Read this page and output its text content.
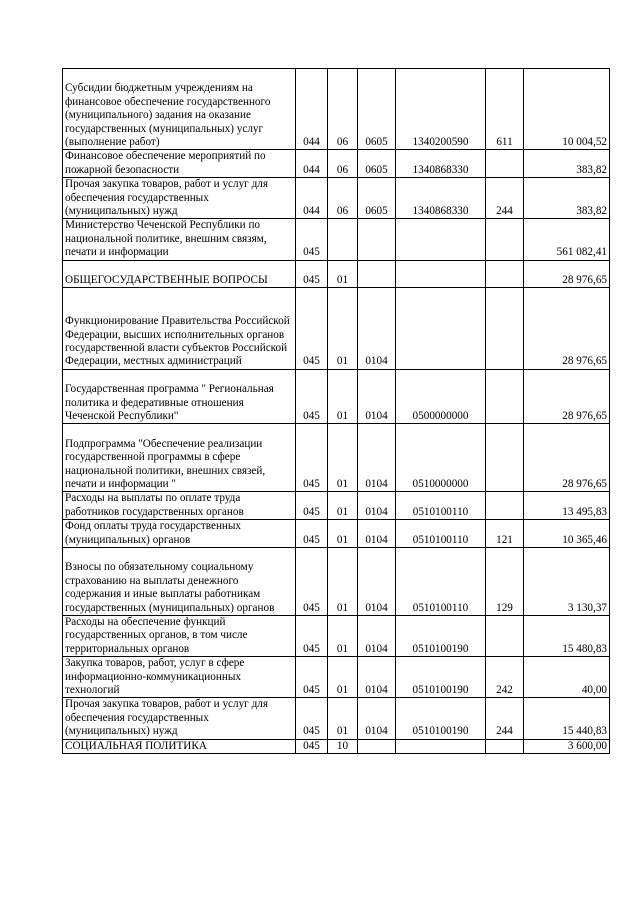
Субсидии бюджетным учреждениям на финансовое обеспечение государственного (муниципального) задания на оказание государственных (муниципальных) услуг (выполнение работ)	044	06	0605	1340200590	611	10 004,52
Финансовое обеспечение мероприятий по пожарной безопасности	044	06	0605	1340868330		383,82
Прочая закупка товаров, работ и услуг для обеспечения государственных (муниципальных) нужд	044	06	0605	1340868330	244	383,82
Министерство Чеченской Республики по национальной политике, внешним связям, печати и информации	045					561 082,41
ОБЩЕГОСУДАРСТВЕННЫЕ ВОПРОСЫ	045	01				28 976,65
Функционирование Правительства Российской Федерации, высших исполнительных органов государственной власти субъектов Российской Федерации, местных администраций	045	01	0104			28 976,65
Государственная программа " Региональная политика и федеративные отношения Чеченской Республики"	045	01	0104	0500000000		28 976,65
Подпрограмма "Обеспечение реализации государственной программы в сфере национальной политики, внешних связей, печати и информации "	045	01	0104	0510000000		28 976,65
Расходы на выплаты по оплате труда работников государственных органов	045	01	0104	0510100110		13 495,83
Фонд оплаты труда государственных (муниципальных) органов	045	01	0104	0510100110	121	10 365,46
Взносы по обязательному социальному страхованию на выплаты денежного содержания и иные выплаты работникам государственных (муниципальных) органов	045	01	0104	0510100110	129	3 130,37
Расходы на обеспечение функций государственных органов, в том числе территориальных органов	045	01	0104	0510100190		15 480,83
Закупка товаров, работ, услуг в сфере информационно-коммуникационных технологий	045	01	0104	0510100190	242	40,00
Прочая закупка товаров, работ и услуг для обеспечения государственных (муниципальных) нужд	045	01	0104	0510100190	244	15 440,83
СОЦИАЛЬНАЯ ПОЛИТИКА	045	10				3 600,00
